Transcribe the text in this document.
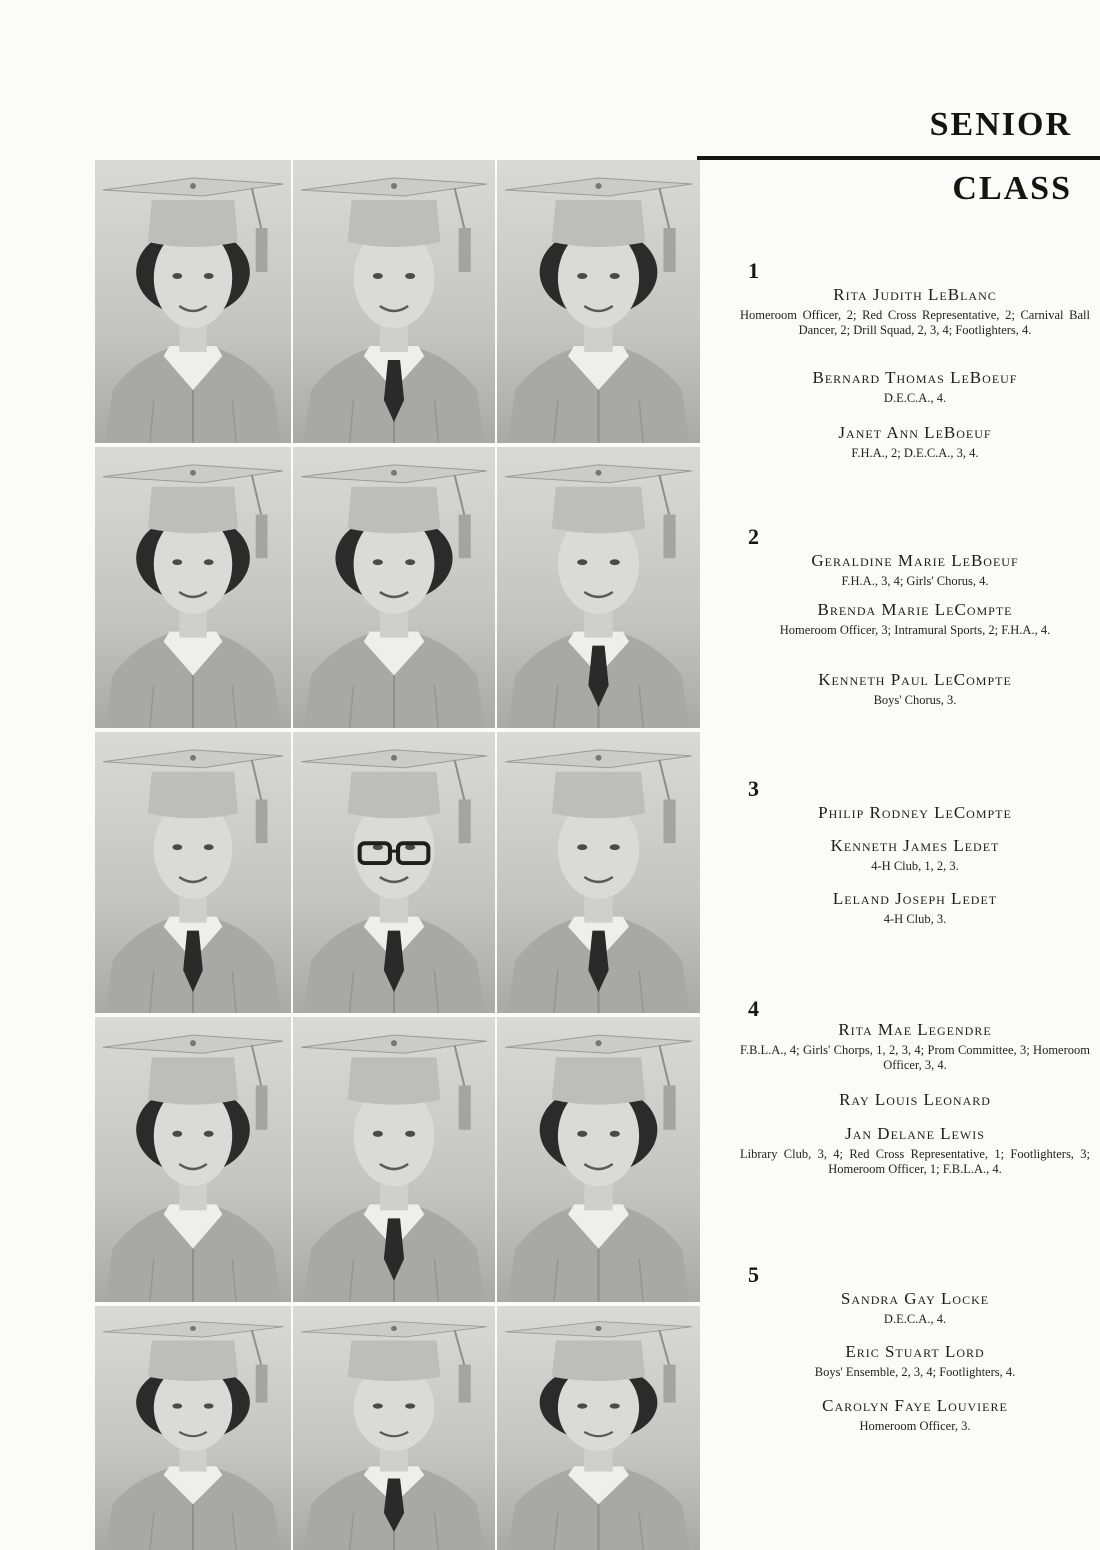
SENIOR
CLASS
1

Rita Judith LeBlanc

Homeroom Officer, 2; Red Cross Representative, 2; Carnival Ball Dancer, 2; Drill Squad, 2, 3, 4; Footlighters, 4.

Bernard Thomas LeBoeuf

D.E.C.A., 4.

Janet Ann LeBoeuf

F.H.A., 2; D.E.C.A., 3, 4.

2

Geraldine Marie LeBoeuf

F.H.A., 3, 4; Girls' Chorus, 4.

Brenda Marie LeCompte

Homeroom Officer, 3; Intramural Sports, 2; F.H.A., 4.

Kenneth Paul LeCompte

Boys' Chorus, 3.

3

Philip Rodney LeCompte

Kenneth James Ledet

4-H Club, 1, 2, 3.

Leland Joseph Ledet

4-H Club, 3.

4

Rita Mae Legendre

F.B.L.A., 4; Girls' Chorps, 1, 2, 3, 4; Prom Committee, 3; Homeroom Officer, 3, 4.

Ray Louis Leonard

Jan Delane Lewis

Library Club, 3, 4; Red Cross Representative, 1; Footlighters, 3; Homeroom Officer, 1; F.B.L.A., 4.

5

Sandra Gay Locke

D.E.C.A., 4.

Eric Stuart Lord

Boys' Ensemble, 2, 3, 4; Footlighters, 4.

Carolyn Faye Louviere

Homeroom Officer, 3.
